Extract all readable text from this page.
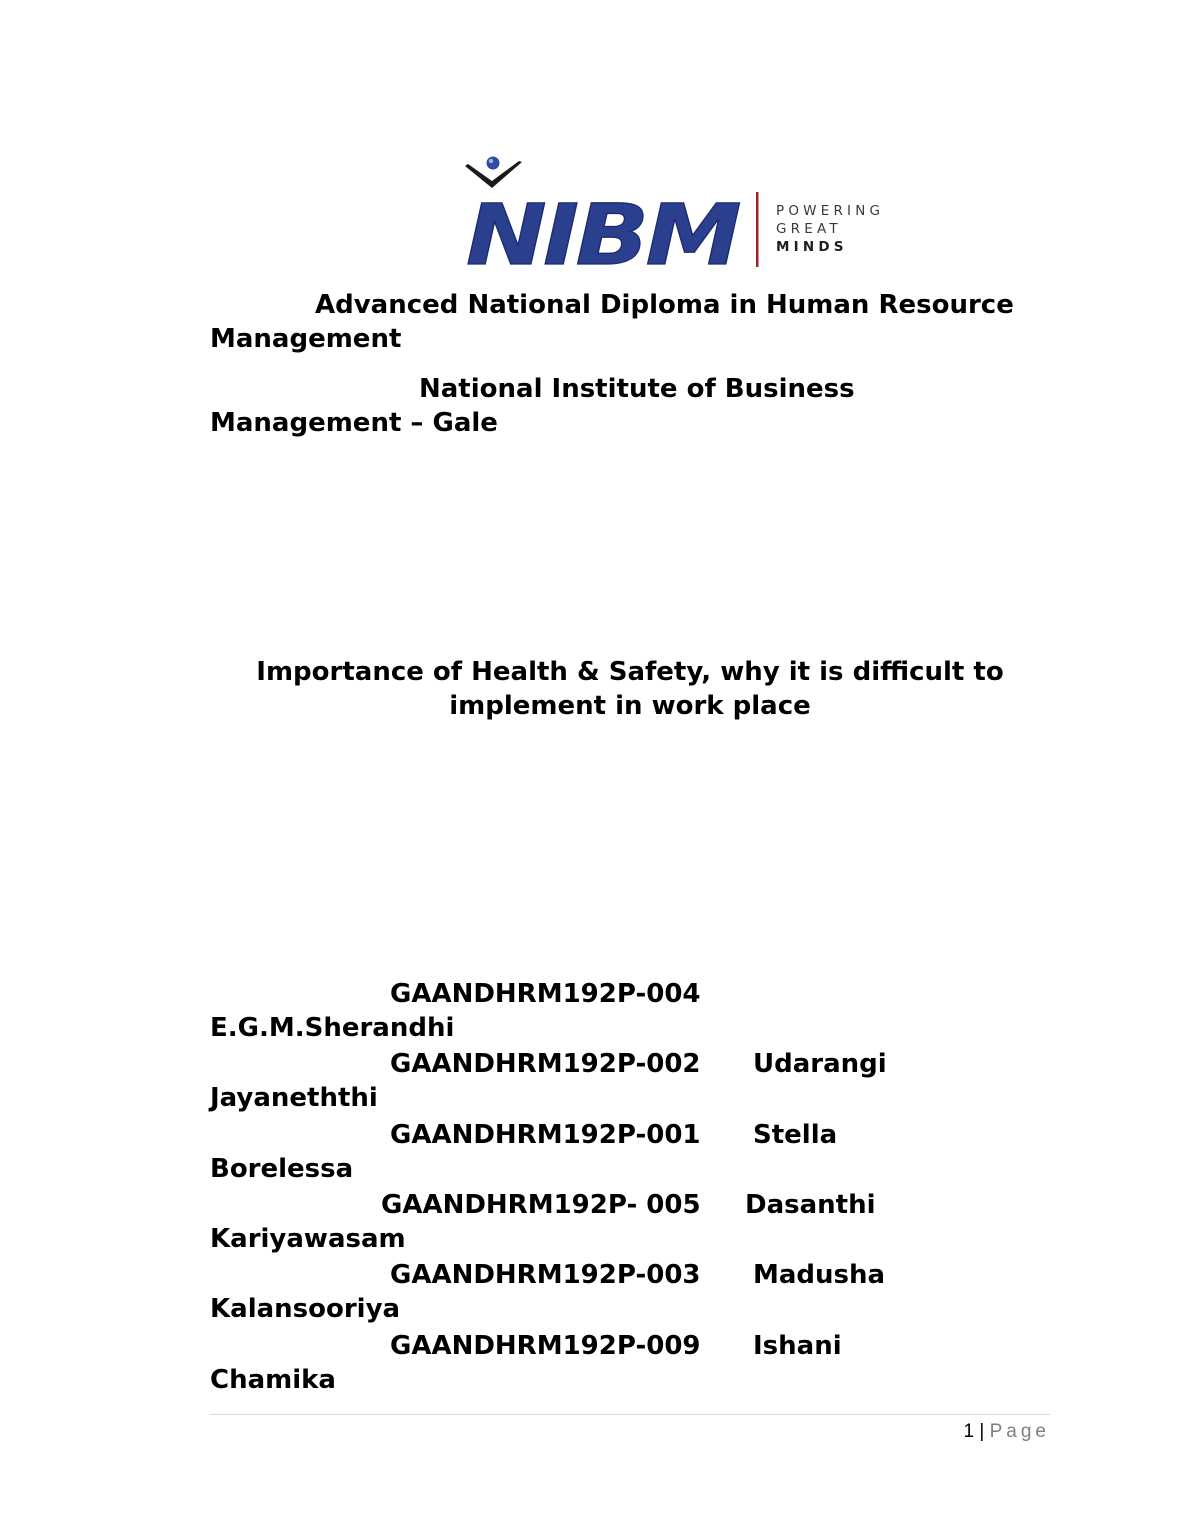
NIBM	POWERING
GREAT
MINDS
Advanced National Diploma in Human Resource
Management
National Institute of Business
Management – Gale
Importance of Health & Safety, why it is difficult to
implement in work place
GAANDHRM192P-004
E.G.M.Sherandhi
GAANDHRM192P-002 Udarangi
Jayaneththi
GAANDHRM192P-001 Stella
Borelessa
GAANDHRM192P- 005 Dasanthi
Kariyawasam
GAANDHRM192P-003 Madusha
Kalansooriya
GAANDHRM192P-009 Ishani
Chamika
1 | Page
